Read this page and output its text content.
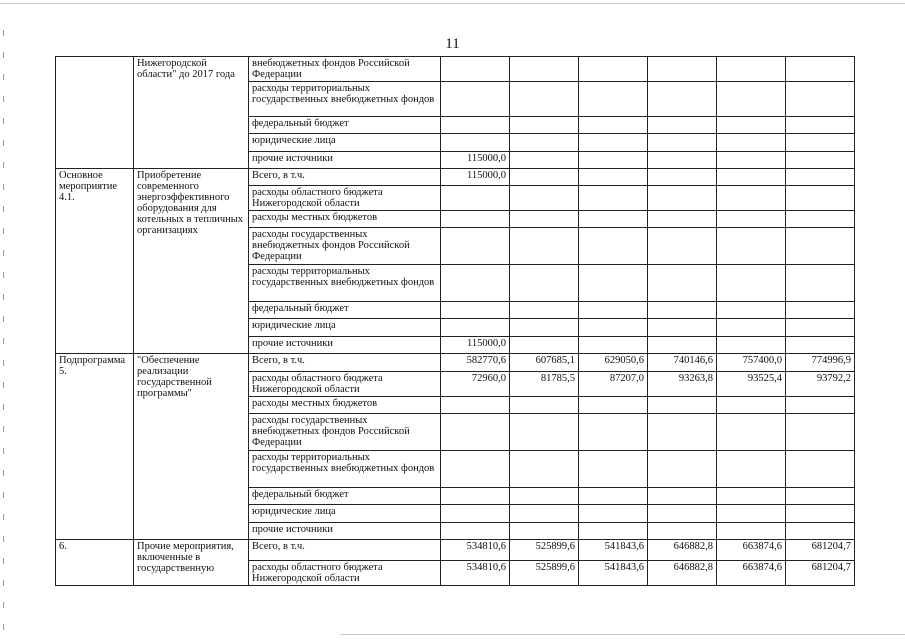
11
	Нижегородской области" до 2017 года	внебюджетных фондов Российской Федерации						
		расходы территориальных государственных внебюджетных фондов						
		федеральный бюджет						
		юридические лица						
		прочие источники	115000,0					
Основное мероприятие 4.1.	Приобретение современного энергоэффективного оборудования для котельных в тепличных организациях	Всего, в т.ч.	115000,0					
		расходы областного бюджета Нижегородской области						
		расходы местных бюджетов						
		расходы государственных внебюджетных фондов Российской Федерации						
		расходы территориальных государственных внебюджетных фондов						
		федеральный бюджет						
		юридические лица						
		прочие источники	115000,0					
Подпрограмма 5.	"Обеспечение реализации государственной программы"	Всего, в т.ч.	582770,6	607685,1	629050,6	740146,6	757400,0	774996,9
		расходы областного бюджета Нижегородской области	72960,0	81785,5	87207,0	93263,8	93525,4	93792,2
		расходы местных бюджетов						
		расходы государственных внебюджетных фондов Российской Федерации						
		расходы территориальных государственных внебюджетных фондов						
		федеральный бюджет						
		юридические лица						
		прочие источники						
6.	Прочие мероприятия, включенные в государственную	Всего, в т.ч.	534810,6	525899,6	541843,6	646882,8	663874,6	681204,7
		расходы областного бюджета Нижегородской области	534810,6	525899,6	541843,6	646882,8	663874,6	681204,7
